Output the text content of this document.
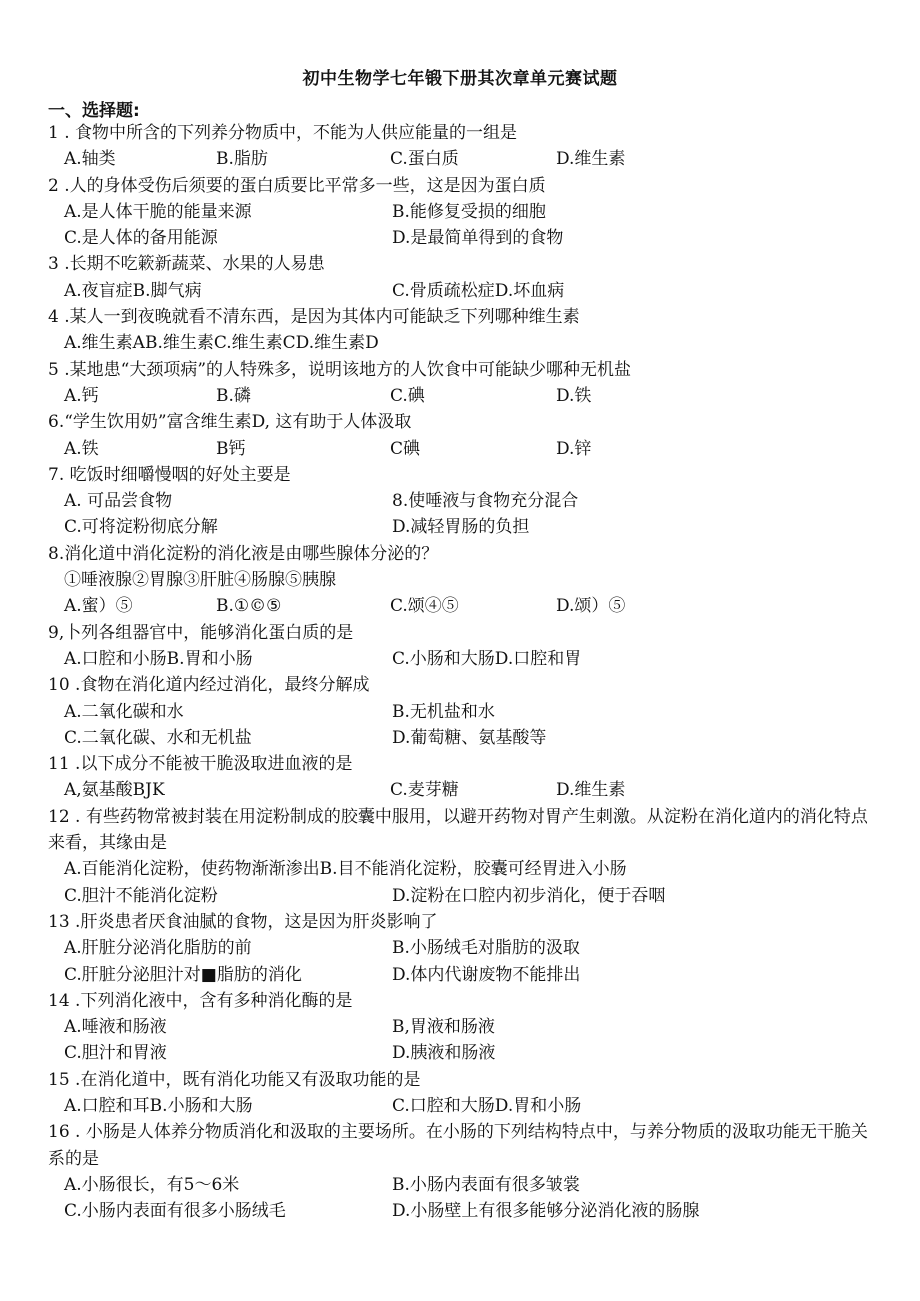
初中生物学七年锻下册其次章单元赛试题
一、选择题:
1 . 食物中所含的下列养分物质中，不能为人供应能量的一组是
A.轴类	B.脂肪	C.蛋白质	D.维生素
2 .人的身体受伤后须要的蛋白质要比平常多一些，这是因为蛋白质
A.是人体干脆的能量来源	B.能修复受损的细胞
C.是人体的备用能源	D.是最简单得到的食物
3 .长期不吃簌新蔬菜、水果的人易患
A.夜盲症B.脚气病	C.骨质疏松症D.坏血病
4 .某人一到夜晚就看不清东西，是因为其体内可能缺乏下列哪种维生素
A.维生素AB.维生素C.维生素CD.维生素D
5 .某地患“大颈项病”的人特殊多，说明该地方的人饮食中可能缺少哪种无机盐
A.钙	B.磷	C.碘	D.铁
6.“学生饮用奶”富含维生素D, 这有助于人体汲取
A.铁	B钙	C碘	D.锌
7. 吃饭时细嚼慢咽的好处主要是
A. 可品尝食物	8.使唾液与食物充分混合
C.可将淀粉彻底分解	D.减轻胃肠的负担
8.消化道中消化淀粉的消化液是由哪些腺体分泌的？
①唾液腺②胃腺③肝脏④肠腺⑤胰腺
A.蜜）⑤	B.①©⑤	C.颂④⑤	D.颂）⑤
9,卜列各组器官中，能够消化蛋白质的是
A.口腔和小肠B.胃和小肠	C.小肠和大肠D.口腔和胃
10 .食物在消化道内经过消化，最终分解成
A.二氧化碳和水	B.无机盐和水
C.二氧化碳、水和无机盐	D.葡萄糖、氨基酸等
11 .以下成分不能被干脆汲取进血液的是
A,氨基酸BJK	C.麦芽糖	D.维生素
12 . 有些药物常被封装在用淀粉制成的胶囊中服用，以避开药物对胃产生刺激。从淀粉在消化道内的消化特点来看，其缘由是
A.百能消化淀粉，使药物渐渐渗出B.目不能消化淀粉，胶囊可经胃进入小肠
C.胆汁不能消化淀粉	D.淀粉在口腔内初步消化，便于吞咽
13 .肝炎患者厌食油腻的食物，这是因为肝炎影响了
A.肝脏分泌消化脂肪的前	B.小肠绒毛对脂肪的汲取
C.肝脏分泌胆汁对■脂肪的消化	D.体内代谢废物不能排出
14 .下列消化液中，含有多种消化酶的是
A.唾液和肠液	B,胃液和肠液
C.胆汁和胃液	D.胰液和肠液
15 .在消化道中，既有消化功能又有汲取功能的是
A.口腔和耳B.小肠和大肠	C.口腔和大肠D.胃和小肠
16 . 小肠是人体养分物质消化和汲取的主要场所。在小肠的下列结构特点中，与养分物质的汲取功能无干脆关系的是
A.小肠很长，有5～6米	B.小肠内表面有很多皱裳
C.小肠内表面有很多小肠绒毛	D.小肠壁上有很多能够分泌消化液的肠腺
